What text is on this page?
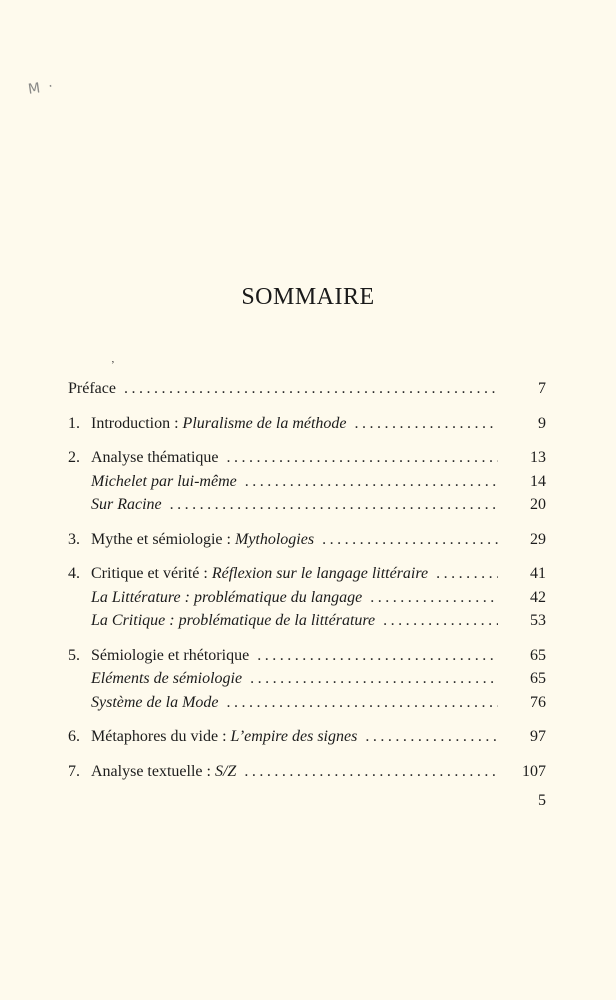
M ·
SOMMAIRE
’
Préface . . .	7
1. Introduction : Pluralisme de la méthode . . .	9
2. Analyse thématique . . .	13
Michelet par lui-même . . .	14
Sur Racine . . .	20
3. Mythe et sémiologie : Mythologies . . .	29
4. Critique et vérité : Réflexion sur le langage littéraire . . .	41
La Littérature : problématique du langage . . .	42
La Critique : problématique de la littérature . . .	53
5. Sémiologie et rhétorique . . .	65
Eléments de sémiologie . . .	65
Système de la Mode . . .	76
6. Métaphores du vide : L’empire des signes . . .	97
7. Analyse textuelle : S/Z . . .	107
5
